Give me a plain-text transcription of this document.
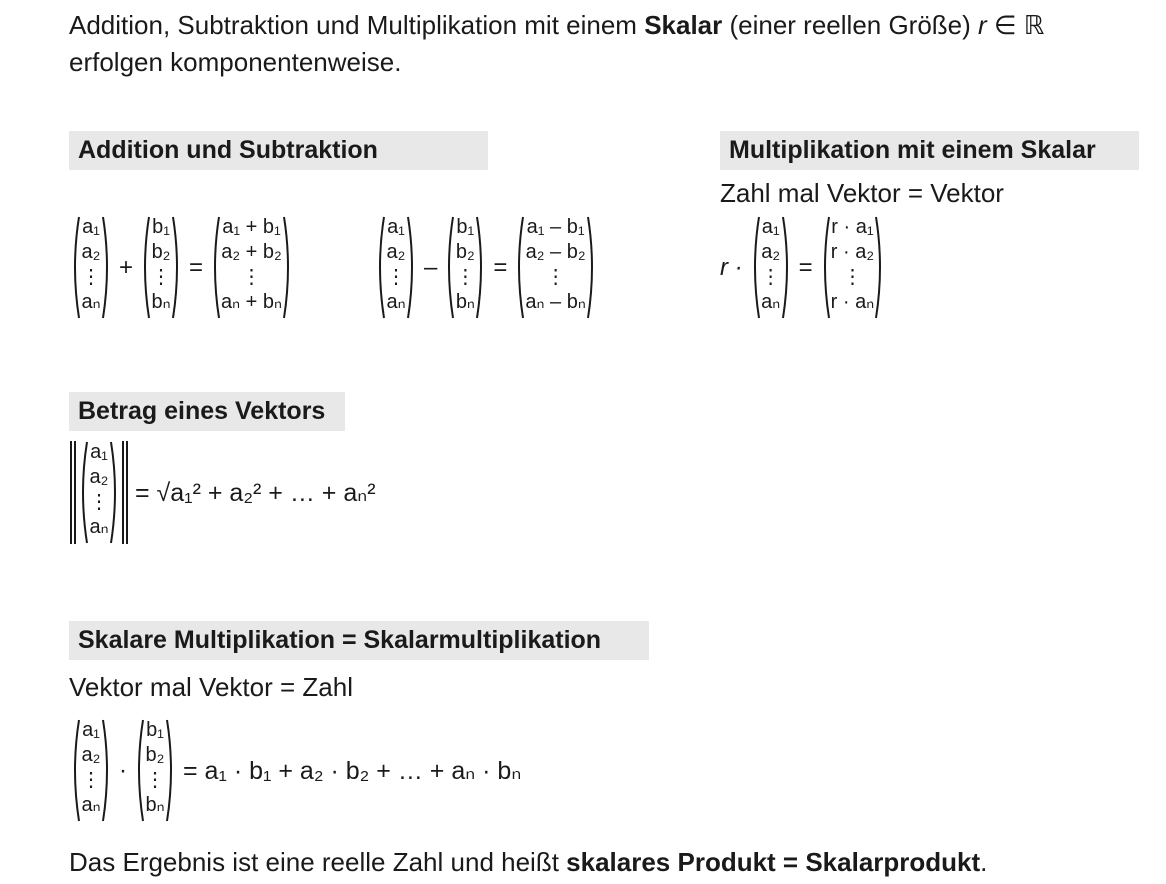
Addition, Subtraktion und Multiplikation mit einem Skalar (einer reellen Größe) r ∈ ℝ
erfolgen komponentenweise.
Addition und Subtraktion	Multiplikation mit einem Skalar
Zahl mal Vektor = Vektor
a₁
a₂
⋮
aₙ
+
b₁
b₂
⋮
bₙ
=
a₁ + b₁
a₂ + b₂
⋮
aₙ + bₙ
a₁
a₂
⋮
aₙ
–
b₁
b₂
⋮
bₙ
=
a₁ – b₁
a₂ – b₂
⋮
aₙ – bₙ
r ·
a₁
a₂
⋮
aₙ
=
r · a₁
r · a₂
⋮
r · aₙ
Betrag eines Vektors
a₁
a₂
⋮
aₙ
= √a₁² + a₂² + … + aₙ²
Skalare Multiplikation = Skalarmultiplikation
Vektor mal Vektor = Zahl
a₁
a₂
⋮
aₙ
·
b₁
b₂
⋮
bₙ
= a₁ · b₁ + a₂ · b₂ + … + aₙ · bₙ
Das Ergebnis ist eine reelle Zahl und heißt skalares Produkt = Skalarprodukt.
